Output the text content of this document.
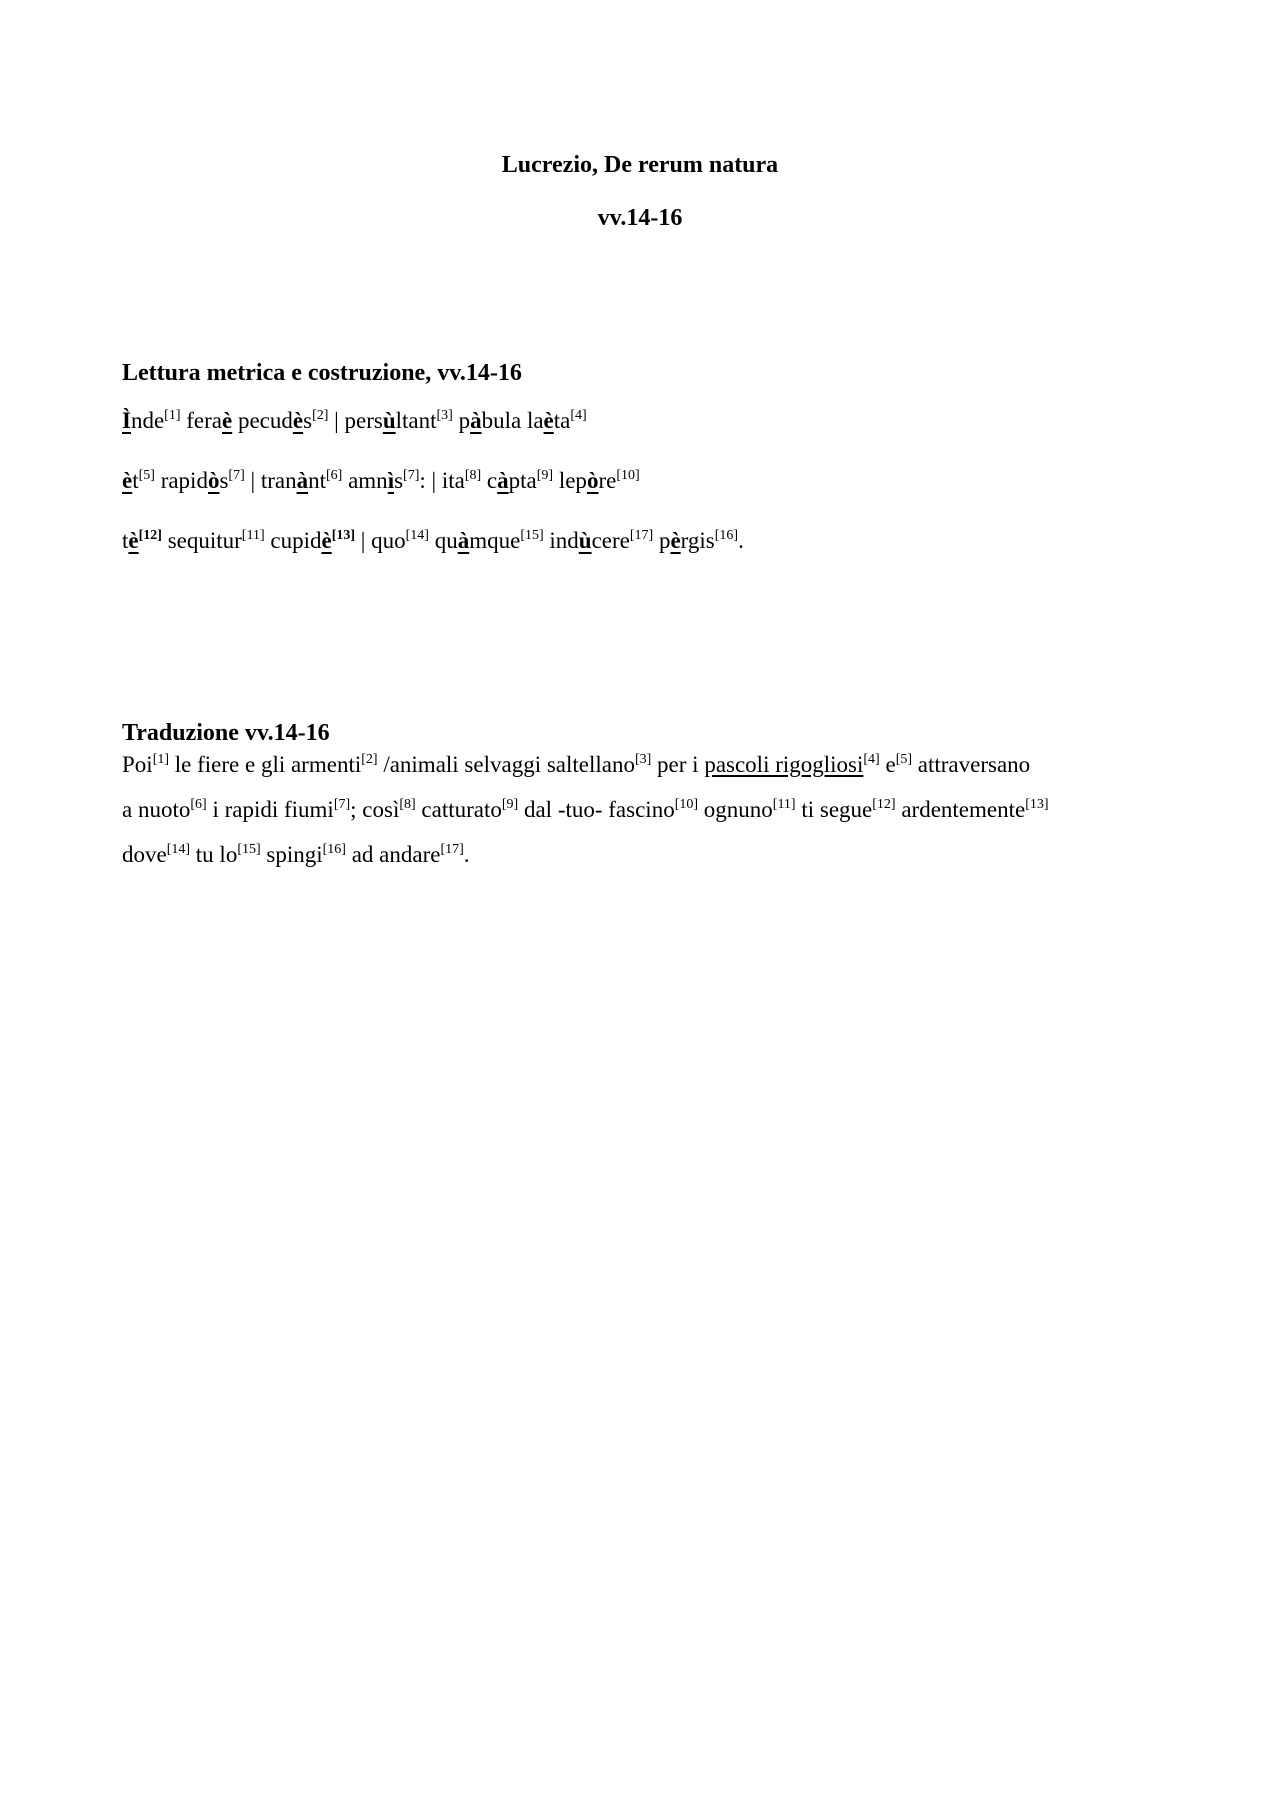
Lucrezio, De rerum natura
vv.14-16
Lettura metrica e costruzione, vv.14-16
Ìnde[1] feraè pecudès[2] | persùltant[3] pàbula laèta[4]
èt[5] rapidòs[7] | tranànt[6] amnìs[7]: | ita[8] càpta[9] lepòre[10]
tè[12] sequitur[11] cupidè[13] | quo[14] quàmque[15] indùcere[17] pèrgis[16].
Traduzione vv.14-16
Poi[1] le fiere e gli armenti[2] /animali selvaggi saltellano[3] per i pascoli rigogliosi[4] e[5] attraversano
a nuoto[6] i rapidi fiumi[7]; così[8] catturato[9] dal -tuo- fascino[10] ognuno[11] ti segue[12] ardentemente[13]
dove[14] tu lo[15] spingi[16] ad andare[17].
